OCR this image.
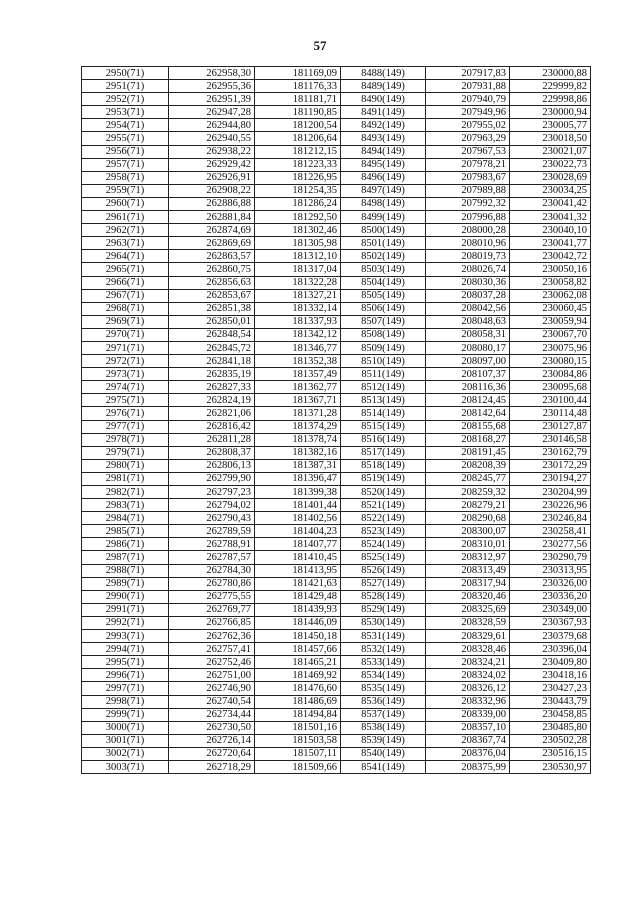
57
2950(71)	262958,30	181169,09	8488(149)	207917,83	230000,88
2951(71)	262955,36	181176,33	8489(149)	207931,88	229999,82
2952(71)	262951,39	181181,71	8490(149)	207940,79	229998,86
2953(71)	262947,28	181190,85	8491(149)	207949,96	230000,94
2954(71)	262944,80	181200,54	8492(149)	207955,02	230005,77
2955(71)	262940,55	181206,64	8493(149)	207963,29	230018,50
2956(71)	262938,22	181212,15	8494(149)	207967,53	230021,07
2957(71)	262929,42	181223,33	8495(149)	207978,21	230022,73
2958(71)	262926,91	181226,95	8496(149)	207983,67	230028,69
2959(71)	262908,22	181254,35	8497(149)	207989,88	230034,25
2960(71)	262886,88	181286,24	8498(149)	207992,32	230041,42
2961(71)	262881,84	181292,50	8499(149)	207996,88	230041,32
2962(71)	262874,69	181302,46	8500(149)	208000,28	230040,10
2963(71)	262869,69	181305,98	8501(149)	208010,96	230041,77
2964(71)	262863,57	181312,10	8502(149)	208019,73	230042,72
2965(71)	262860,75	181317,04	8503(149)	208026,74	230050,16
2966(71)	262856,63	181322,28	8504(149)	208030,36	230058,82
2967(71)	262853,67	181327,21	8505(149)	208037,28	230062,08
2968(71)	262851,38	181332,14	8506(149)	208042,56	230060,45
2969(71)	262850,01	181337,93	8507(149)	208048,63	230059,94
2970(71)	262848,54	181342,12	8508(149)	208058,31	230067,70
2971(71)	262845,72	181346,77	8509(149)	208080,17	230075,96
2972(71)	262841,18	181352,38	8510(149)	208097,00	230080,15
2973(71)	262835,19	181357,49	8511(149)	208107,37	230084,86
2974(71)	262827,33	181362,77	8512(149)	208116,36	230095,68
2975(71)	262824,19	181367,71	8513(149)	208124,45	230100,44
2976(71)	262821,06	181371,28	8514(149)	208142,64	230114,48
2977(71)	262816,42	181374,29	8515(149)	208155,68	230127,87
2978(71)	262811,28	181378,74	8516(149)	208168,27	230146,58
2979(71)	262808,37	181382,16	8517(149)	208191,45	230162,79
2980(71)	262806,13	181387,31	8518(149)	208208,39	230172,29
2981(71)	262799,90	181396,47	8519(149)	208245,77	230194,27
2982(71)	262797,23	181399,38	8520(149)	208259,32	230204,99
2983(71)	262794,02	181401,44	8521(149)	208279,21	230226,96
2984(71)	262790,43	181402,56	8522(149)	208290,68	230246,84
2985(71)	262789,59	181404,23	8523(149)	208300,07	230258,41
2986(71)	262788,91	181407,77	8524(149)	208310,01	230277,56
2987(71)	262787,57	181410,45	8525(149)	208312,97	230290,79
2988(71)	262784,30	181413,95	8526(149)	208313,49	230313,95
2989(71)	262780,86	181421,63	8527(149)	208317,94	230326,00
2990(71)	262775,55	181429,48	8528(149)	208320,46	230336,20
2991(71)	262769,77	181439,93	8529(149)	208325,69	230349,00
2992(71)	262766,85	181446,09	8530(149)	208328,59	230367,93
2993(71)	262762,36	181450,18	8531(149)	208329,61	230379,68
2994(71)	262757,41	181457,66	8532(149)	208328,46	230396,04
2995(71)	262752,46	181465,21	8533(149)	208324,21	230409,80
2996(71)	262751,00	181469,92	8534(149)	208324,02	230418,16
2997(71)	262746,90	181476,60	8535(149)	208326,12	230427,23
2998(71)	262740,54	181486,69	8536(149)	208332,96	230443,79
2999(71)	262734,44	181494,84	8537(149)	208339,00	230458,85
3000(71)	262730,50	181501,16	8538(149)	208357,10	230485,80
3001(71)	262726,14	181503,58	8539(149)	208367,74	230502,28
3002(71)	262720,64	181507,11	8540(149)	208376,04	230516,15
3003(71)	262718,29	181509,66	8541(149)	208375,99	230530,97
